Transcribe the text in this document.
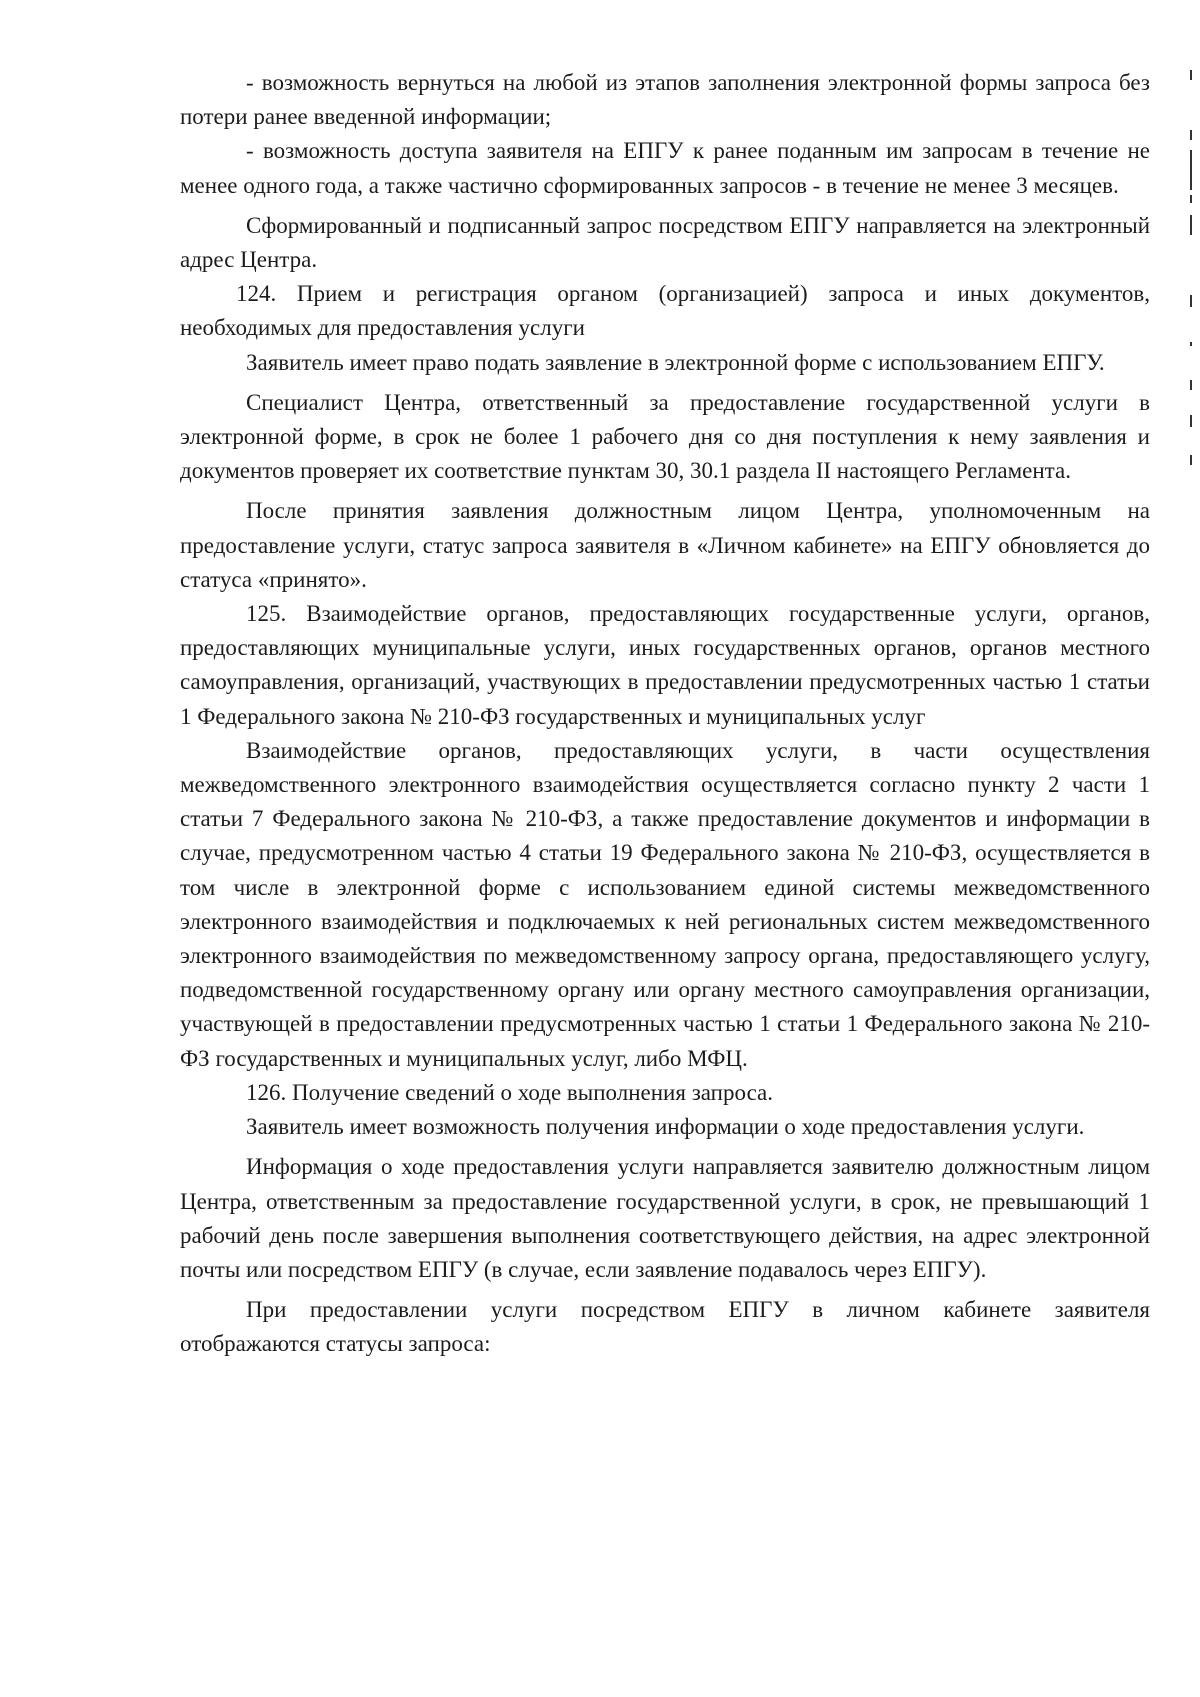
- возможность вернуться на любой из этапов заполнения электронной формы запроса без потери ранее введенной информации;

- возможность доступа заявителя на ЕПГУ к ранее поданным им запросам в течение не менее одного года, а также частично сформированных запросов - в течение не менее 3 месяцев.

Сформированный и подписанный запрос посредством ЕПГУ направляется на электронный адрес Центра.

124. Прием и регистрация органом (организацией) запроса и иных документов, необходимых для предоставления услуги

Заявитель имеет право подать заявление в электронной форме с использованием ЕПГУ.

Специалист Центра, ответственный за предоставление государственной услуги в электронной форме, в срок не более 1 рабочего дня со дня поступления к нему заявления и документов проверяет их соответствие пунктам 30, 30.1 раздела II настоящего Регламента.

После принятия заявления должностным лицом Центра, уполномоченным на предоставление услуги, статус запроса заявителя в «Личном кабинете» на ЕПГУ обновляется до статуса «принято».

125. Взаимодействие органов, предоставляющих государственные услуги, органов, предоставляющих муниципальные услуги, иных государственных органов, органов местного самоуправления, организаций, участвующих в предоставлении предусмотренных частью 1 статьи 1 Федерального закона № 210-ФЗ государственных и муниципальных услуг

Взаимодействие органов, предоставляющих услуги, в части осуществления межведомственного электронного взаимодействия осуществляется согласно пункту 2 части 1 статьи 7 Федерального закона № 210-ФЗ, а также предоставление документов и информации в случае, предусмотренном частью 4 статьи 19 Федерального закона № 210-ФЗ, осуществляется в том числе в электронной форме с использованием единой системы межведомственного электронного взаимодействия и подключаемых к ней региональных систем межведомственного электронного взаимодействия по межведомственному запросу органа, предоставляющего услугу, подведомственной государственному органу или органу местного самоуправления организации, участвующей в предоставлении предусмотренных частью 1 статьи 1 Федерального закона № 210-ФЗ государственных и муниципальных услуг, либо МФЦ.

126. Получение сведений о ходе выполнения запроса.

Заявитель имеет возможность получения информации о ходе предоставления услуги.

Информация о ходе предоставления услуги направляется заявителю должностным лицом Центра, ответственным за предоставление государственной услуги, в срок, не превышающий 1 рабочий день после завершения выполнения соответствующего действия, на адрес электронной почты или посредством ЕПГУ (в случае, если заявление подавалось через ЕПГУ).

При предоставлении услуги посредством ЕПГУ в личном кабинете заявителя отображаются статусы запроса:
